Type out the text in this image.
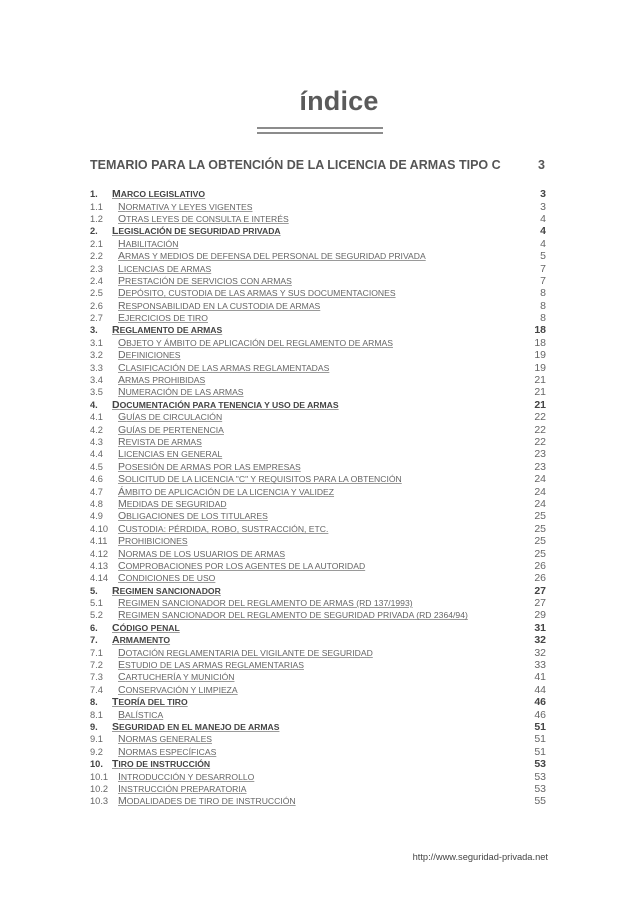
índice
TEMARIO PARA LA OBTENCIÓN DE LA LICENCIA DE ARMAS TIPO C	3
1.	MARCO LEGISLATIVO	3
1.1	NORMATIVA Y LEYES VIGENTES	3
1.2	OTRAS LEYES DE CONSULTA E INTERÉS	4
2.	LEGISLACIÓN DE SEGURIDAD PRIVADA	4
2.1	HABILITACIÓN	4
2.2	ARMAS Y MEDIOS DE DEFENSA DEL PERSONAL DE SEGURIDAD PRIVADA	5
2.3	LICENCIAS DE ARMAS	7
2.4	PRESTACIÓN DE SERVICIOS CON ARMAS	7
2.5	DEPÓSITO, CUSTODIA DE LAS ARMAS Y SUS DOCUMENTACIONES	8
2.6	RESPONSABILIDAD EN LA CUSTODIA DE ARMAS	8
2.7	EJERCICIOS DE TIRO	8
3.	REGLAMENTO DE ARMAS	18
3.1	OBJETO Y ÁMBITO DE APLICACIÓN DEL REGLAMENTO DE ARMAS	18
3.2	DEFINICIONES	19
3.3	CLASIFICACIÓN DE LAS ARMAS REGLAMENTADAS	19
3.4	ARMAS PROHIBIDAS	21
3.5	NUMERACIÓN DE LAS ARMAS	21
4.	DOCUMENTACIÓN PARA TENENCIA Y USO DE ARMAS	21
4.1	GUÍAS DE CIRCULACIÓN	22
4.2	GUÍAS DE PERTENENCIA	22
4.3	REVISTA DE ARMAS	22
4.4	LICENCIAS EN GENERAL	23
4.5	POSESIÓN DE ARMAS POR LAS EMPRESAS	23
4.6	SOLICITUD DE LA LICENCIA "C" Y REQUISITOS PARA LA OBTENCIÓN	24
4.7	ÁMBITO DE APLICACIÓN DE LA LICENCIA Y VALIDEZ	24
4.8	MEDIDAS DE SEGURIDAD	24
4.9	OBLIGACIONES DE LOS TITULARES	25
4.10	CUSTODIA: PÉRDIDA, ROBO, SUSTRACCIÓN, ETC.	25
4.11	PROHIBICIONES	25
4.12	NORMAS DE LOS USUARIOS DE ARMAS	25
4.13	COMPROBACIONES POR LOS AGENTES DE LA AUTORIDAD	26
4.14	CONDICIONES DE USO	26
5.	REGIMEN SANCIONADOR	27
5.1	REGIMEN SANCIONADOR DEL REGLAMENTO DE ARMAS (RD 137/1993)	27
5.2	REGIMEN SANCIONADOR DEL REGLAMENTO DE SEGURIDAD PRIVADA (RD 2364/94)	29
6.	CÓDIGO PENAL	31
7.	ARMAMENTO	32
7.1	DOTACIÓN REGLAMENTARIA DEL VIGILANTE DE SEGURIDAD	32
7.2	ESTUDIO DE LAS ARMAS REGLAMENTARIAS	33
7.3	CARTUCHERÍA Y MUNICIÓN	41
7.4	CONSERVACIÓN Y LIMPIEZA	44
8.	TEORÍA DEL TIRO	46
8.1	BALÍSTICA	46
9.	SEGURIDAD EN EL MANEJO DE ARMAS	51
9.1	NORMAS GENERALES	51
9.2	NORMAS ESPECÍFICAS	51
10.	TIRO DE INSTRUCCIÓN	53
10.1	INTRODUCCIÓN Y DESARROLLO	53
10.2	INSTRUCCIÓN PREPARATORIA	53
10.3	MODALIDADES DE TIRO DE INSTRUCCIÓN	55
http://www.seguridad-privada.net
